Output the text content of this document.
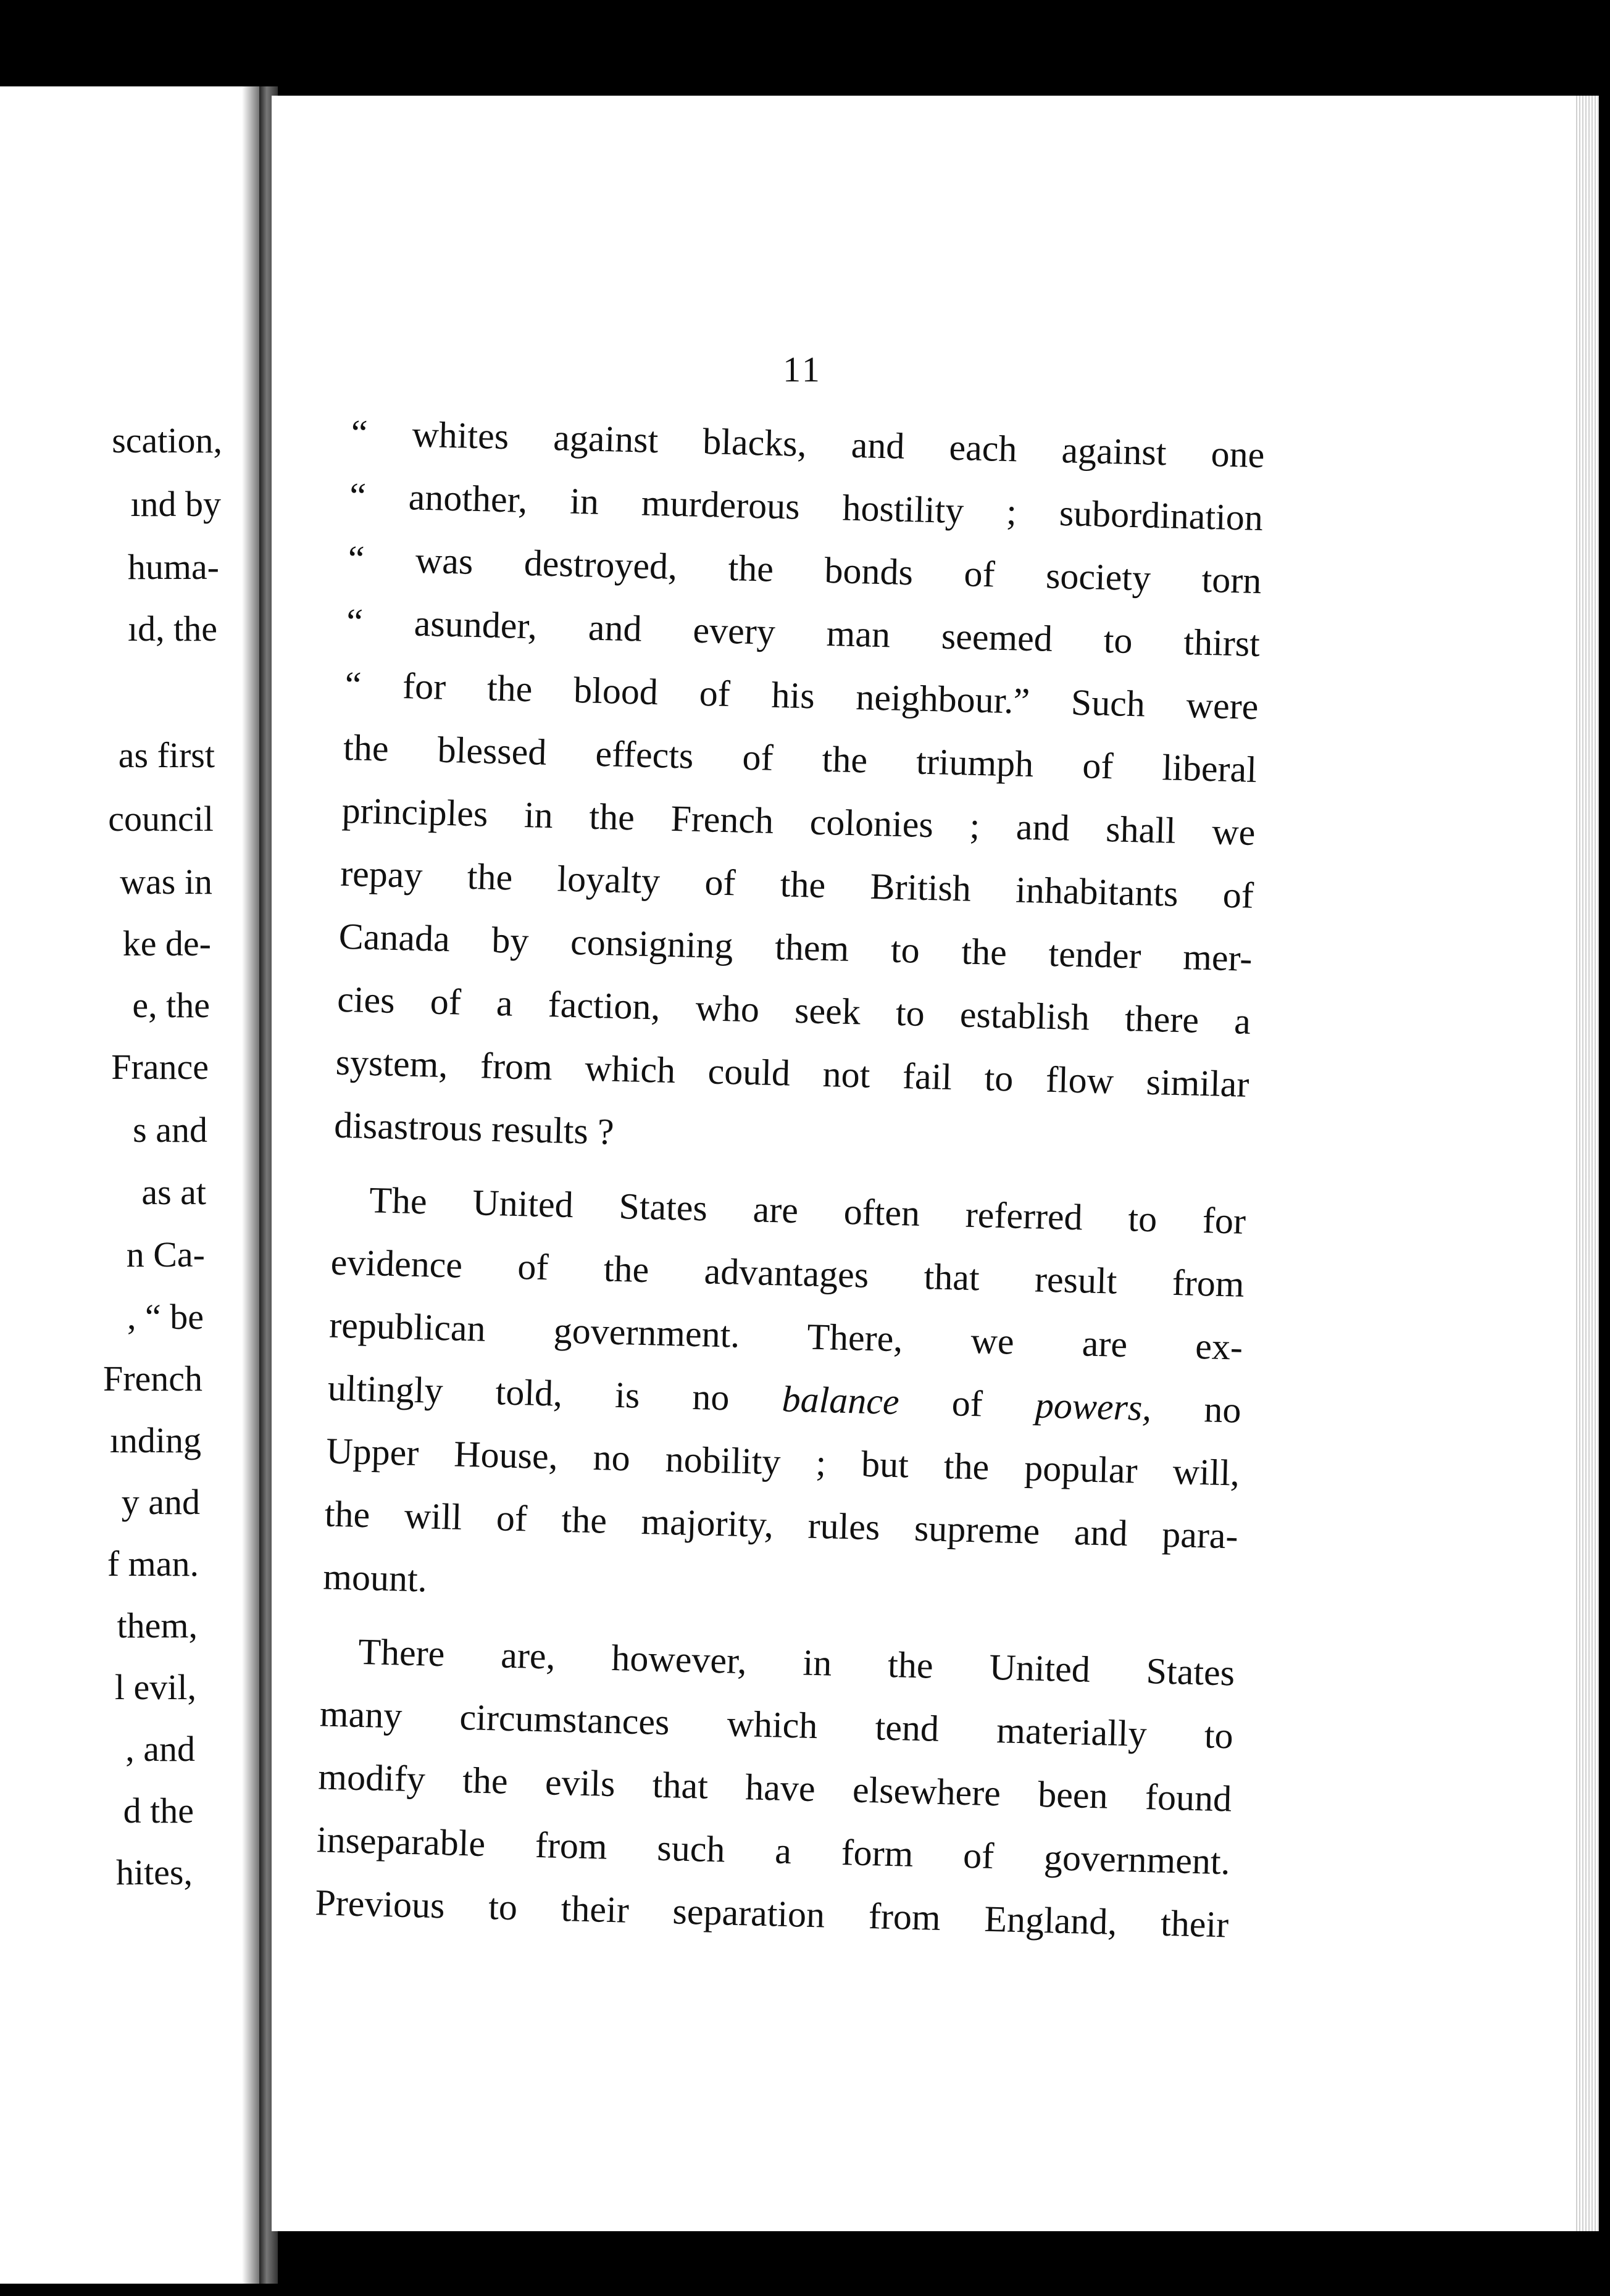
scation,
ınd by
huma-
ıd, the
as first
council
was in
ke de-
e, the
France
s and
as at
n Ca-
, “ be
French
ınding
y and
f man.
them,
l evil,
, and
d the
hites,
11
“ whites against blacks, and each against one
“ another, in murderous hostility ; subordination
“ was destroyed, the bonds of society torn
“ asunder, and every man seemed to thirst
“ for the blood of his neighbour.” Such were
the blessed effects of the triumph of liberal
principles in the French colonies ; and shall we
repay the loyalty of the British inhabitants of
Canada by consigning them to the tender mer-
cies of a faction, who seek to establish there a
system, from which could not fail to flow similar
disastrous results ?
The United States are often referred to for
evidence of the advantages that result from
republican government. There, we are ex-
ultingly told, is no balance of powers, no
Upper House, no nobility ; but the popular will,
the will of the majority, rules supreme and para-
mount.
There are, however, in the United States
many circumstances which tend materially to
modify the evils that have elsewhere been found
inseparable from such a form of government.
Previous to their separation from England, their
